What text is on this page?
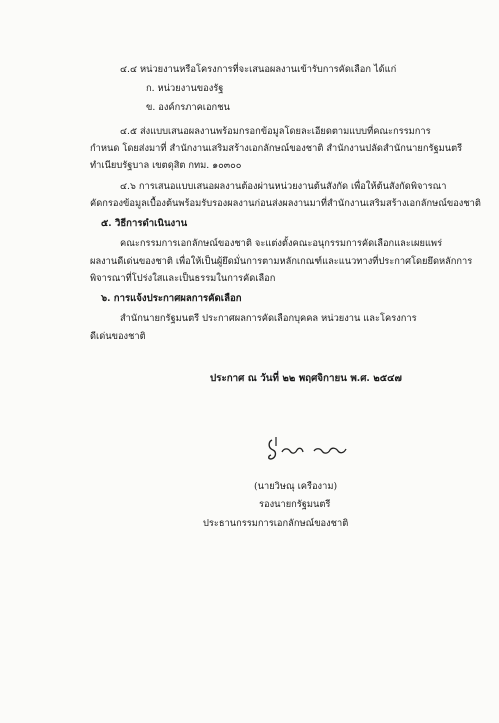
๔.๔ หน่วยงานหรือโครงการที่จะเสนอผลงานเข้ารับการคัดเลือก ได้แก่
ก. หน่วยงานของรัฐ
ข. องค์กรภาคเอกชน
๔.๕ ส่งแบบเสนอผลงานพร้อมกรอกข้อมูลโดยละเอียดตามแบบที่คณะกรรมการ
กำหนด โดยส่งมาที่ สำนักงานเสริมสร้างเอกลักษณ์ของชาติ สำนักงานปลัดสำนักนายกรัฐมนตรี
ทำเนียบรัฐบาล เขตดุสิต กทม. ๑๐๓๐๐
๔.๖ การเสนอแบบเสนอผลงานต้องผ่านหน่วยงานต้นสังกัด เพื่อให้ต้นสังกัดพิจารณา
คัดกรองข้อมูลเบื้องต้นพร้อมรับรองผลงานก่อนส่งผลงานมาที่สำนักงานเสริมสร้างเอกลักษณ์ของชาติ
๕. วิธีการดำเนินงาน
คณะกรรมการเอกลักษณ์ของชาติ จะแต่งตั้งคณะอนุกรรมการคัดเลือกและเผยแพร่
ผลงานดีเด่นของชาติ เพื่อให้เป็นผู้ยึดมั่นการตามหลักเกณฑ์และแนวทางที่ประกาศโดยยึดหลักการ
พิจารณาที่โปร่งใสและเป็นธรรมในการคัดเลือก
๖. การแจ้งประกาศผลการคัดเลือก
สำนักนายกรัฐมนตรี ประกาศผลการคัดเลือกบุคคล หน่วยงาน และโครงการ
ดีเด่นของชาติ
ประกาศ ณ วันที่ ๒๒ พฤศจิกายน พ.ศ. ๒๕๔๗
(นายวิษณุ เครืองาม)
รองนายกรัฐมนตรี
ประธานกรรมการเอกลักษณ์ของชาติ
